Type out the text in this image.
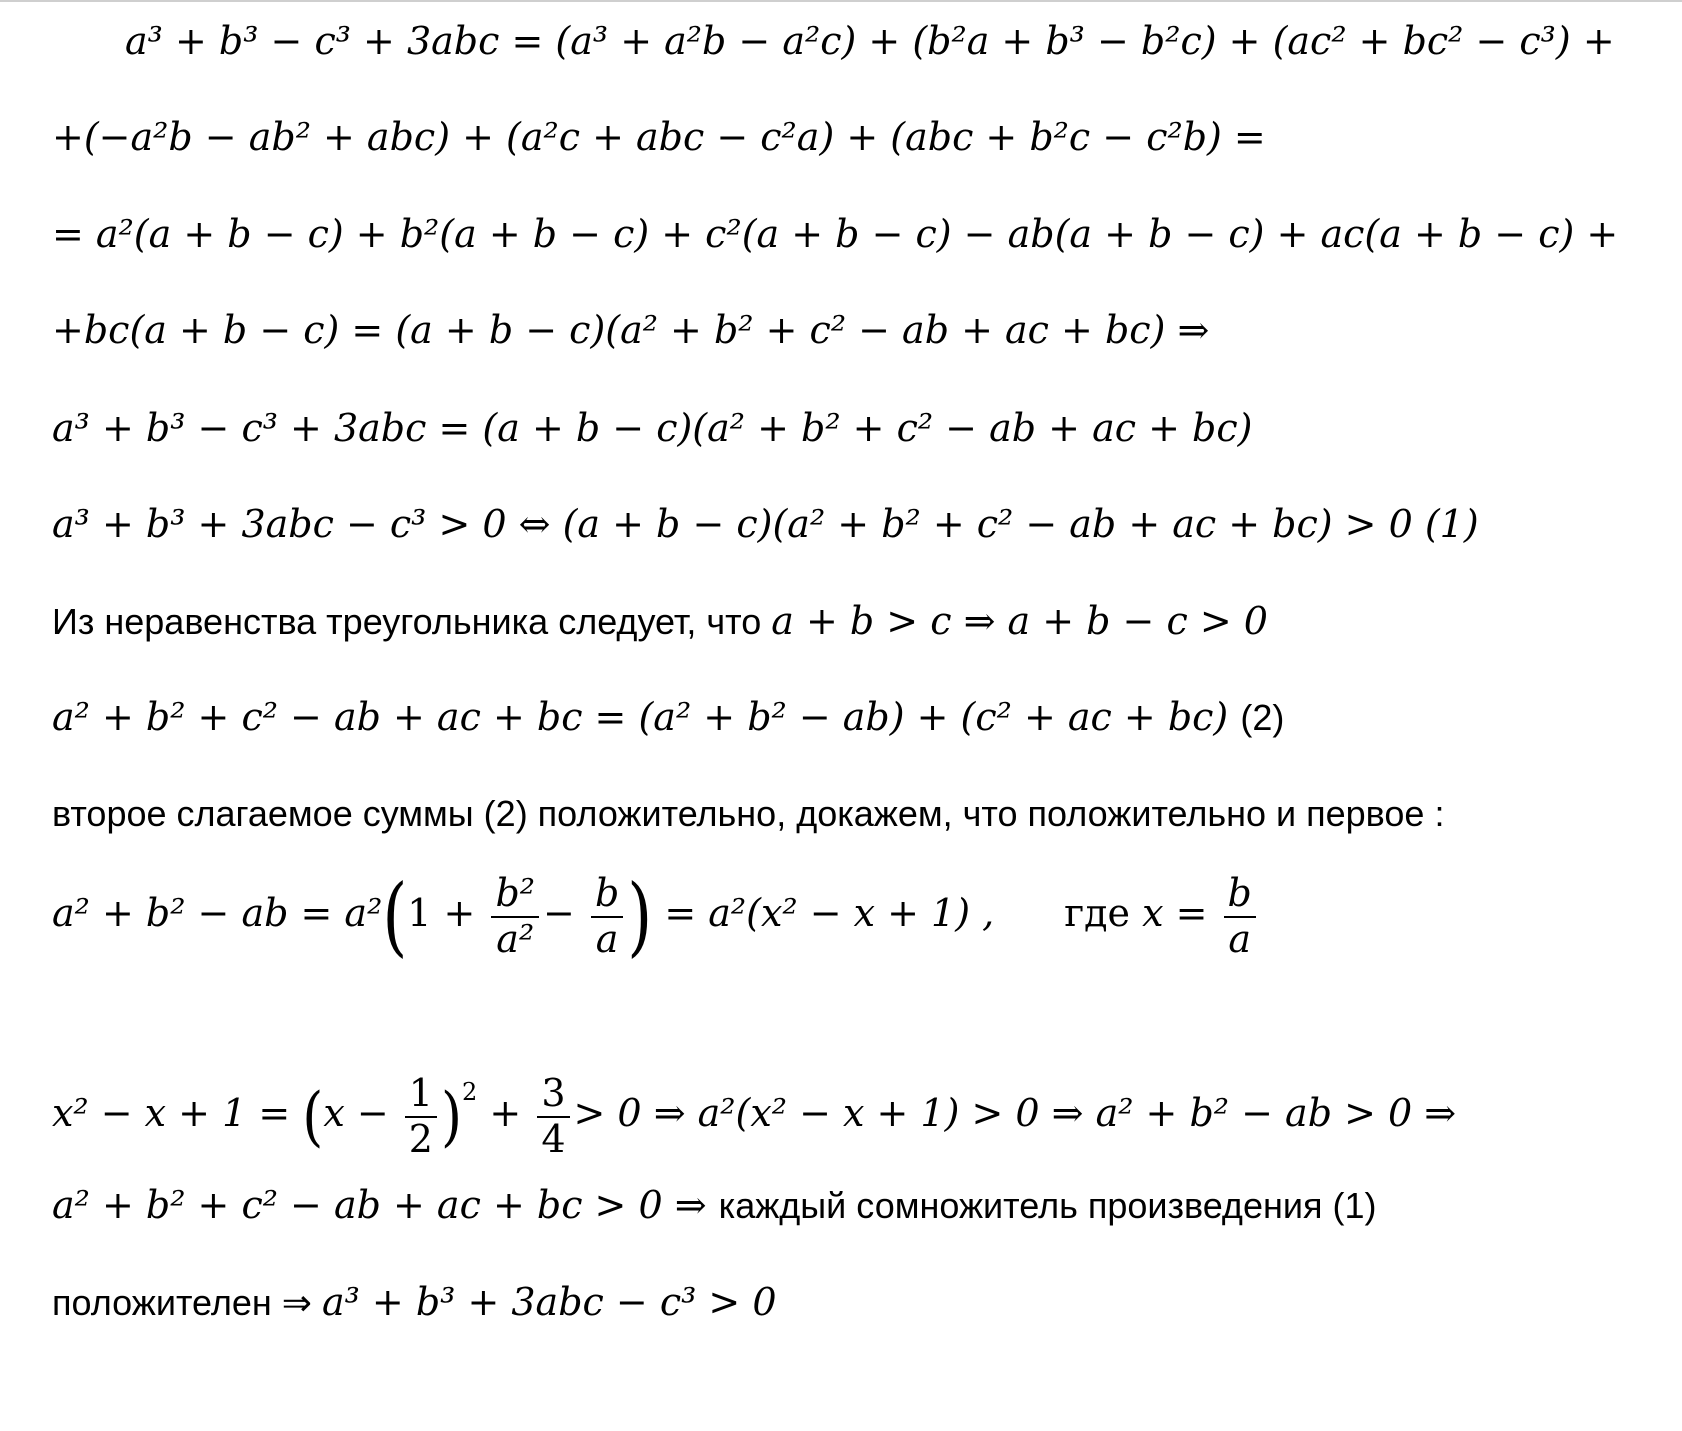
a³ + b³ − c³ + 3abc = (a³ + a²b − a²c) + (b²a + b³ − b²c) + (ac² + bc² − c³) +
+(−a²b − ab² + abc) + (a²c + abc − c²a) + (abc + b²c − c²b) =
= a²(a + b − c) + b²(a + b − c) + c²(a + b − c) − ab(a + b − c) + ac(a + b − c) +
+bc(a + b − c) = (a + b − c)(a² + b² + c² − ab + ac + bc) ⇒
a³ + b³ − c³ + 3abc = (a + b − c)(a² + b² + c² − ab + ac + bc)
a³ + b³ + 3abc − c³ > 0 ⇔ (a + b − c)(a² + b² + c² − ab + ac + bc) > 0 (1)
Из неравенства треугольника следует, что a + b > c ⇒ a + b − c > 0
a² + b² + c² − ab + ac + bc = (a² + b² − ab) + (c² + ac + bc) (2)
второе слагаемое суммы (2) положительно, докажем, что положительно и первое :
a² + b² − ab = $a^2(1 + \frac{\text{b²}}{\text{a²}} - \frac{b}{a}$ ) = a²(x² − x + 1) , где $x = \frac{b}{a}$
$x^2 - x + 1 = (x - \frac{1}{2} )^2 + \frac{3}{4} > 0$ ⇒ a²(x² − x + 1) > 0 ⇒ a² + b² − ab > 0 ⇒
a² + b² + c² − ab + ac + bc > 0 ⇒ каждый сомножитель произведения (1)
положителен ⇒ a³ + b³ + 3abc − c³ > 0
